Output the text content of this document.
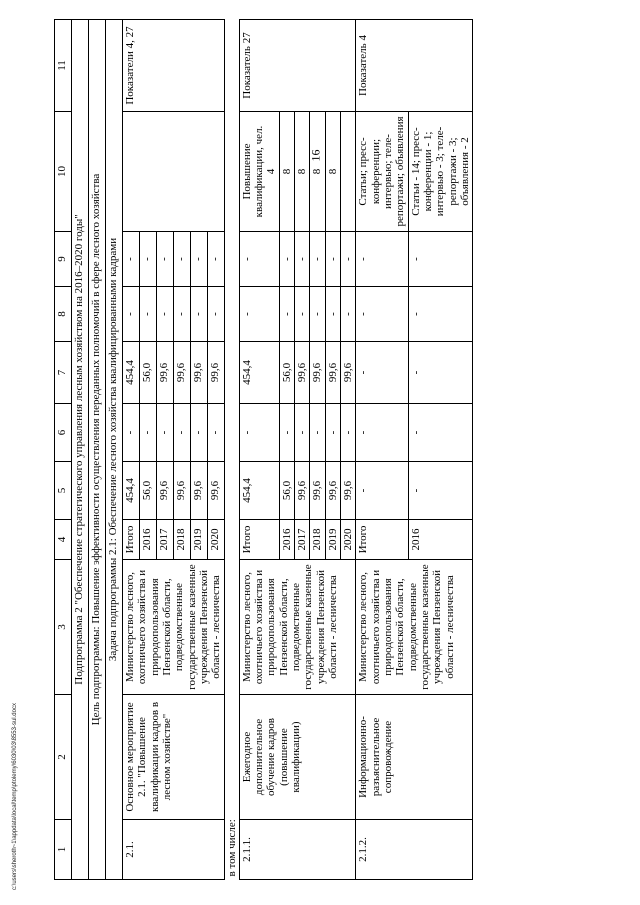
16
1	2	3	4	5	6	7	8	9	10	11
Подпрограмма 2 "Обеспечение стратегического управления лесным хозяйством на 2016–2020 годы"										
Цель подпрограммы: Повышение эффективности осуществления переданных полномочий в сфере лесного хозяйства										
Задача подпрограммы 2.1: Обеспечение лесного хозяйства квалифицированными кадрами										
2.1.	Основное мероприятие 2.1. "Повышение квалификации кадров в лесном хозяйстве"	Министерство лесного, охотничьего хозяйства и природопользования Пензенской области, подведомственные государственные казенные учреждения Пензенской области - лесничества	Итого	454,4	-	454,4	-	-		Показатели 4, 27
			2016	56,0	-	56,0	-	-		
			2017	99,6	-	99,6	-	-		
			2018	99,6	-	99,6	-	-		
			2019	99,6	-	99,6	-	-		
			2020	99,6	-	99,6	-	-		
в том числе:										
2.1.1.	Ежегодное дополнительное обучение кадров (повышение квалификации)	Министерство лесного, охотничьего хозяйства и природопользования Пензенской области, подведомственные государственные казенные учреждения Пензенской области - лесничества	Итого	454,4	-	454,4	-	-	Повышение квалификации, чел. 4	Показатель 27
			2016	56,0	-	56,0	-	-	8	
			2017	99,6	-	99,6	-	-	8	
			2018	99,6	-	99,6	-	-	8	
			2019	99,6	-	99,6	-	-	8	
			2020	99,6	-	99,6	-	-		
2.1.2.	Информационно-разъяснительное сопровождение	Министерство лесного, охотничьего хозяйства и природопользования Пензенской области, подведомственные государственные казенные учреждения Пензенской области - лесничества	Итого	-	-	-	-	-	Статьи; пресс-конференции; интервью; теле-репортажи; объявления	Показатель 4
			2016	-	-	-	-	-	Статьи - 14; пресс-конференции - 1; интервью - 3; теле-репортажи - 3; объявления - 2	
c:\users\sheroth~1\appdata\local\temp\ptolemy\6030\03\8553-sul.docx
